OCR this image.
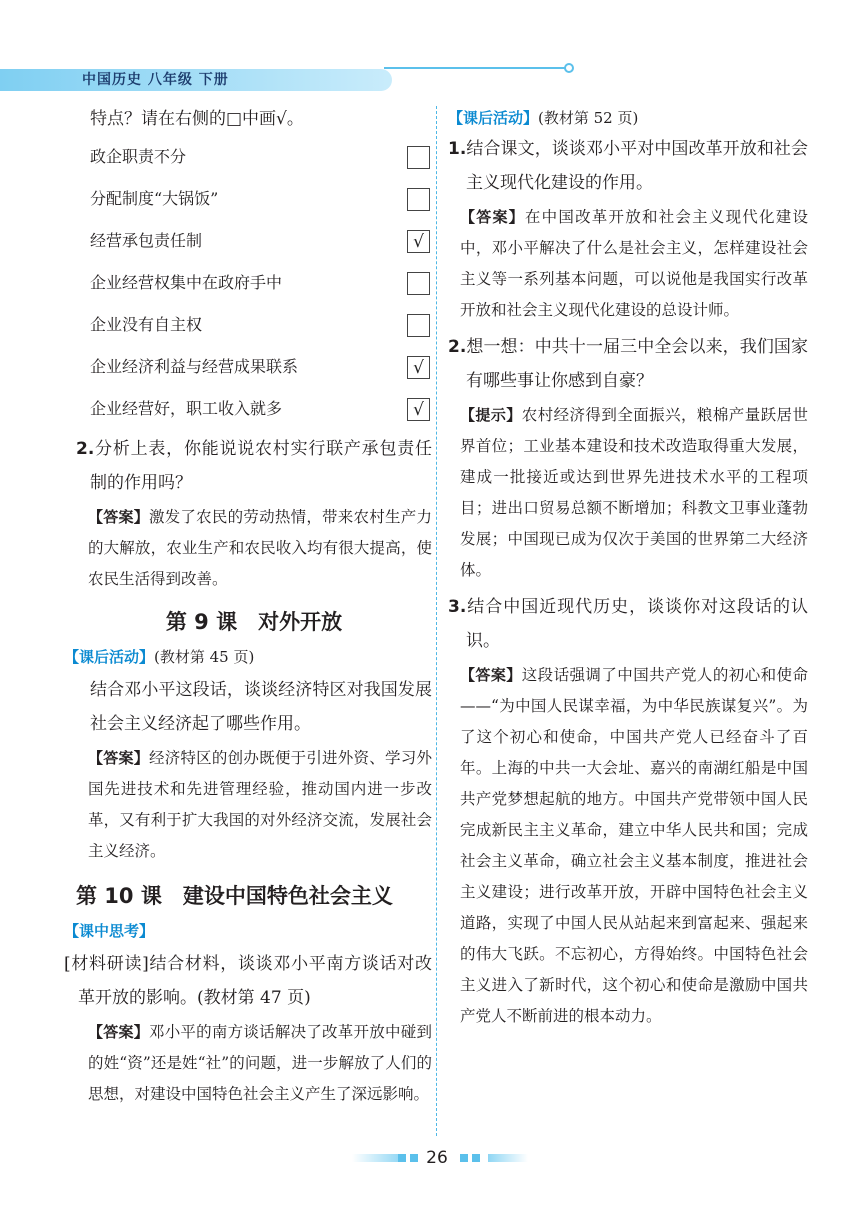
中国历史 八年级 下册
特点？请在右侧的□中画√。
政企职责不分
分配制度“大锅饭”
经营承包责任制	√
企业经营权集中在政府手中
企业没有自主权
企业经济利益与经营成果联系	√
企业经营好，职工收入就多	√
2.分析上表，你能说说农村实行联产承包责任制的作用吗？
【答案】激发了农民的劳动热情，带来农村生产力的大解放，农业生产和农民收入均有很大提高，使农民生活得到改善。
第 9 课　对外开放
【课后活动】(教材第 45 页)
结合邓小平这段话，谈谈经济特区对我国发展社会主义经济起了哪些作用。
【答案】经济特区的创办既便于引进外资、学习外国先进技术和先进管理经验，推动国内进一步改革，又有利于扩大我国的对外经济交流，发展社会主义经济。
第 10 课　建设中国特色社会主义
【课中思考】
[材料研读]结合材料，谈谈邓小平南方谈话对改革开放的影响。(教材第 47 页)
【答案】邓小平的南方谈话解决了改革开放中碰到的姓“资”还是姓“社”的问题，进一步解放了人们的思想，对建设中国特色社会主义产生了深远影响。
【课后活动】(教材第 52 页)
1.结合课文，谈谈邓小平对中国改革开放和社会主义现代化建设的作用。
【答案】在中国改革开放和社会主义现代化建设中，邓小平解决了什么是社会主义，怎样建设社会主义等一系列基本问题，可以说他是我国实行改革开放和社会主义现代化建设的总设计师。
2.想一想：中共十一届三中全会以来，我们国家有哪些事让你感到自豪？
【提示】农村经济得到全面振兴，粮棉产量跃居世界首位；工业基本建设和技术改造取得重大发展，建成一批接近或达到世界先进技术水平的工程项目；进出口贸易总额不断增加；科教文卫事业蓬勃发展；中国现已成为仅次于美国的世界第二大经济体。
3.结合中国近现代历史，谈谈你对这段话的认识。
【答案】这段话强调了中国共产党人的初心和使命——“为中国人民谋幸福，为中华民族谋复兴”。为了这个初心和使命，中国共产党人已经奋斗了百年。上海的中共一大会址、嘉兴的南湖红船是中国共产党梦想起航的地方。中国共产党带领中国人民完成新民主主义革命，建立中华人民共和国；完成社会主义革命，确立社会主义基本制度，推进社会主义建设；进行改革开放，开辟中国特色社会主义道路，实现了中国人民从站起来到富起来、强起来的伟大飞跃。不忘初心，方得始终。中国特色社会主义进入了新时代，这个初心和使命是激励中国共产党人不断前进的根本动力。
26
